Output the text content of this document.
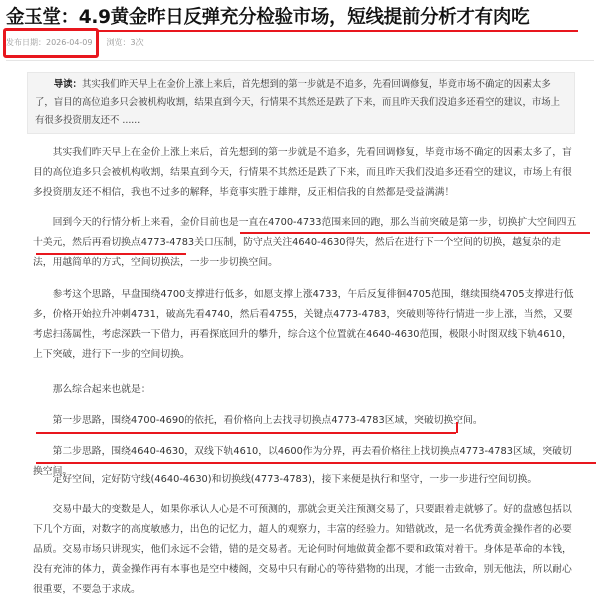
金玉堂：4.9黄金昨日反弹充分检验市场，短线提前分析才有肉吃
发布日期：2026-04-09 浏览：3次
导读：其实我们昨天早上在金价上涨上来后，首先想到的第一步就是不追多，先看回调修复，毕竟市场不确定的因素太多了，盲目的高位追多只会被机构收割，结果直到今天，行情果不其然还是跌了下来，而且昨天我们没追多还看空的建议，市场上有很多投资朋友还不 ......

其实我们昨天早上在金价上涨上来后，首先想到的第一步就是不追多，先看回调修复，毕竟市场不确定的因素太多了，盲目的高位追多只会被机构收割，结果直到今天，行情果不其然还是跌了下来，而且昨天我们没追多还看空的建议，市场上有很多投资朋友还不相信，我也不过多的解释，毕竟事实胜于雄辩，反正相信我的自然都是受益满满！

回到今天的行情分析上来看，金价目前也是一直在4700-4733范围来回的跑，那么当前突破是第一步，切换扩大空间四五十美元，然后再看切换点4773-4783关口压制，防守点关注4640-4630得失，然后在进行下一个空间的切换，越复杂的走法，用越简单的方式，空间切换法，一步一步切换空间。

参考这个思路，早盘围绕4700支撑进行低多，如愿支撑上涨4733，午后反复徘徊4705范围，继续围绕4705支撑进行低多，价格开始拉升冲刺4731，破高先看4740，然后看4755，关键点4773-4783，突破则等待行情进一步上涨，当然，又要考虑扫荡属性，考虑深跌一下借力，再看探底回升的攀升，综合这个位置就在4640-4630范围，极限小时图双线下轨4610，上下突破，进行下一步的空间切换。

那么综合起来也就是：

第一步思路，围绕4700-4690的依托，看价格向上去找寻切换点4773-4783区域，突破切换空间。

第二步思路，围绕4640-4630，双线下轨4610，以4600作为分界，再去看价格往上找切换点4773-4783区域，突破切换空间。

定好空间，定好防守线(4640-4630)和切换线(4773-4783)，接下来便是执行和坚守，一步一步进行空间切换。

交易中最大的变数是人，如果你承认人心是不可预测的，那就会更关注预测交易了，只要跟着走就够了。好的盘感包括以下几个方面，对数字的高度敏感力，出色的记忆力，超人的观察力，丰富的经验力。知错就改，是一名优秀黄金操作者的必要品质。交易市场只讲现实，他们永远不会错，错的是交易者。无论何时何地做黄金都不要和政策对着干。身体是革命的本钱，没有充沛的体力，黄金操作再有本事也是空中楼阁，交易中只有耐心的等待猎物的出现，才能一击致命，别无他法，所以耐心很重要，不要急于求成。
